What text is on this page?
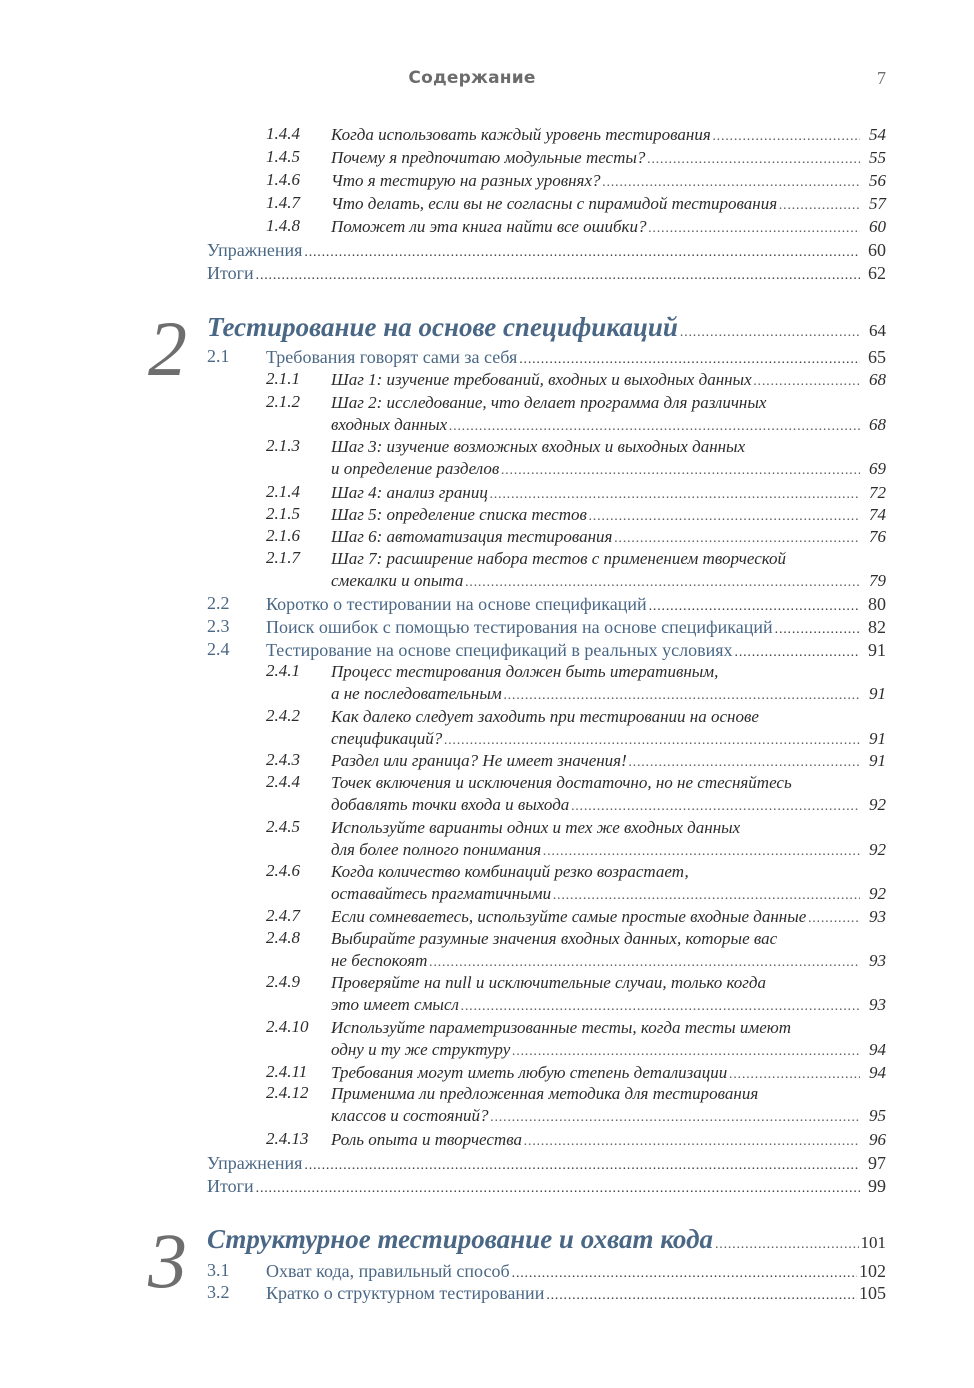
Содержание	7
1.4.4 Когда использовать каждый уровень тестирования .....	54
1.4.5 Почему я предпочитаю модульные тесты? .....	55
1.4.6 Что я тестирую на разных уровнях? .....	56
1.4.7 Что делать, если вы не согласны с пирамидой тестирования .....	57
1.4.8 Поможет ли эта книга найти все ошибки? .....	60
Упражнения .....	60
Итоги .....	62
2 Тестирование на основе спецификаций .....	64
2.1 Требования говорят сами за себя .....	65
2.1.1 Шаг 1: изучение требований, входных и выходных данных .....	68
2.1.2 Шаг 2: исследование, что делает программа для различных
входных данных .....	68
2.1.3 Шаг 3: изучение возможных входных и выходных данных
и определение разделов .....	69
2.1.4 Шаг 4: анализ границ .....	72
2.1.5 Шаг 5: определение списка тестов .....	74
2.1.6 Шаг 6: автоматизация тестирования .....	76
2.1.7 Шаг 7: расширение набора тестов с применением творческой
смекалки и опыта .....	79
2.2 Коротко о тестировании на основе спецификаций .....	80
2.3 Поиск ошибок с помощью тестирования на основе спецификаций .....	82
2.4 Тестирование на основе спецификаций в реальных условиях .....	91
2.4.1 Процесс тестирования должен быть итеративным,
а не последовательным .....	91
2.4.2 Как далеко следует заходить при тестировании на основе
спецификаций? .....	91
2.4.3 Раздел или граница? Не имеет значения! .....	91
2.4.4 Точек включения и исключения достаточно, но не стесняйтесь
добавлять точки входа и выхода .....	92
2.4.5 Используйте варианты одних и тех же входных данных
для более полного понимания .....	92
2.4.6 Когда количество комбинаций резко возрастает,
оставайтесь прагматичными .....	92
2.4.7 Если сомневаетесь, используйте самые простые входные данные .....	93
2.4.8 Выбирайте разумные значения входных данных, которые вас
не беспокоят .....	93
2.4.9 Проверяйте на null и исключительные случаи, только когда
это имеет смысл .....	93
2.4.10 Используйте параметризованные тесты, когда тесты имеют
одну и ту же структуру .....	94
2.4.11 Требования могут иметь любую степень детализации .....	94
2.4.12 Применима ли предложенная методика для тестирования
классов и состояний? .....	95
2.4.13 Роль опыта и творчества .....	96
Упражнения .....	97
Итоги .....	99
3 Структурное тестирование и охват кода .....	101
3.1 Охват кода, правильный способ .....	102
3.2 Кратко о структурном тестировании .....	105
